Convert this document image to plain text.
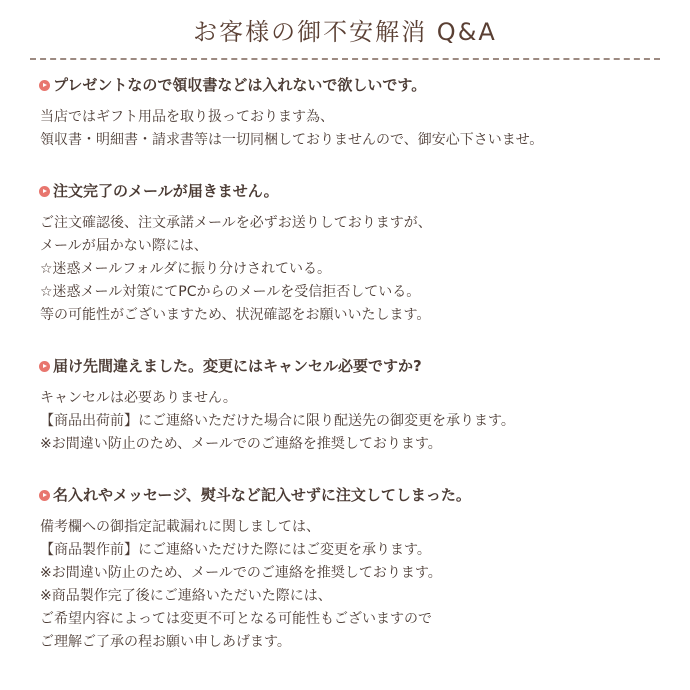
お客様の御不安解消 Q&A
プレゼントなので領収書などは入れないで欲しいです。
当店ではギフト用品を取り扱っております為、
領収書・明細書・請求書等は一切同梱しておりませんので、御安心下さいませ。
注文完了のメールが届きません。
ご注文確認後、注文承諾メールを必ずお送りしておりますが、
メールが届かない際には、
☆迷惑メールフォルダに振り分けされている。
☆迷惑メール対策にてPCからのメールを受信拒否している。
等の可能性がございますため、状況確認をお願いいたします。
届け先間違えました。変更にはキャンセル必要ですか?
キャンセルは必要ありません。
【商品出荷前】にご連絡いただけた場合に限り配送先の御変更を承ります。
※お間違い防止のため、メールでのご連絡を推奨しております。
名入れやメッセージ、熨斗など記入せずに注文してしまった。
備考欄への御指定記載漏れに関しましては、
【商品製作前】にご連絡いただけた際にはご変更を承ります。
※お間違い防止のため、メールでのご連絡を推奨しております。
※商品製作完了後にご連絡いただいた際には、
ご希望内容によっては変更不可となる可能性もございますので
ご理解ご了承の程お願い申しあげます。
